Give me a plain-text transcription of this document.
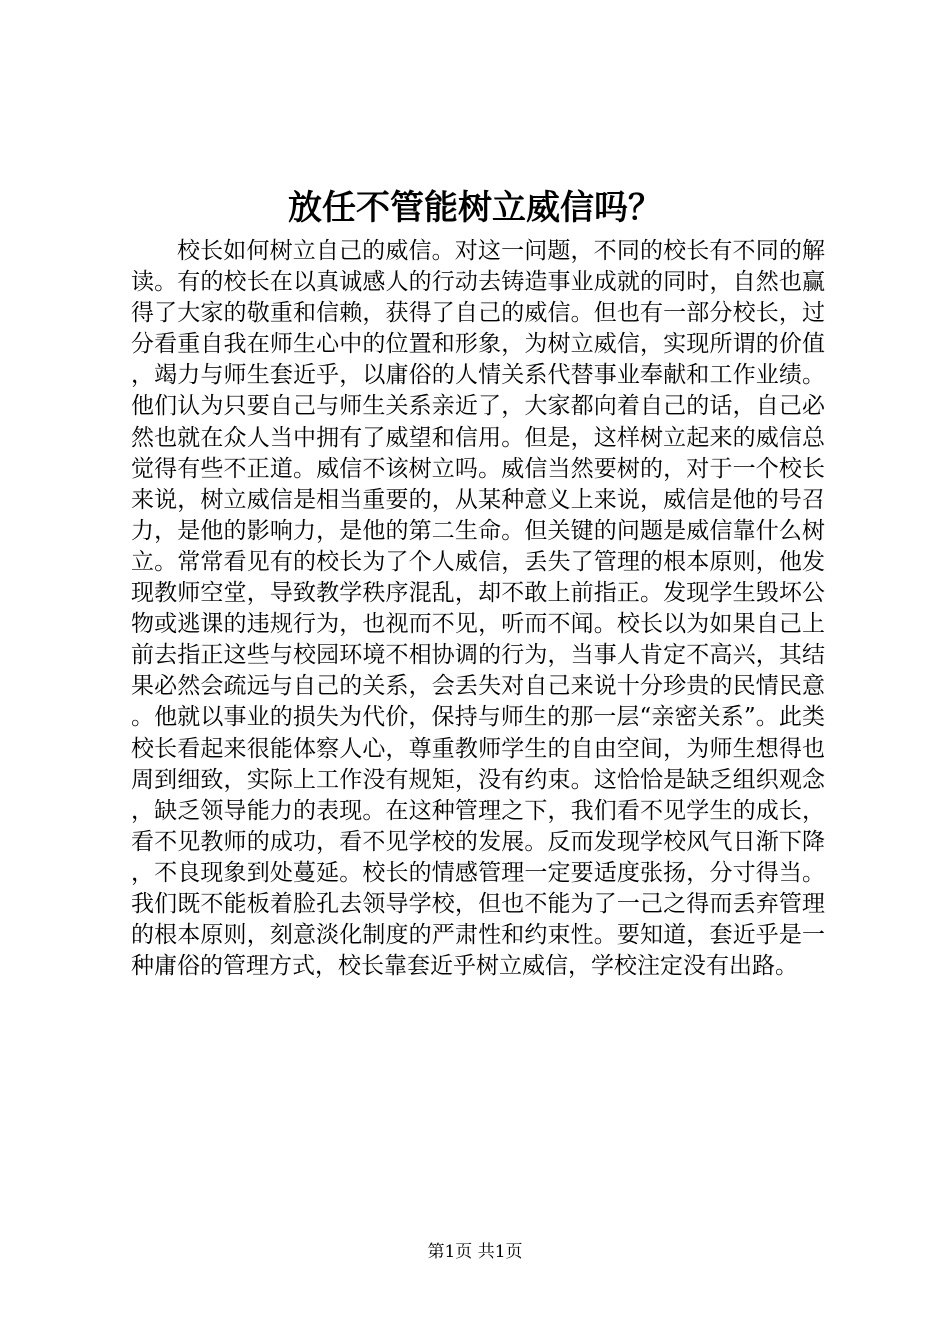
放任不管能树立威信吗？

校长如何树立自己的威信。对这一问题，不同的校长有不同的解读。有的校长在以真诚感人的行动去铸造事业成就的同时，自然也赢得了大家的敬重和信赖，获得了自己的威信。但也有一部分校长，过分看重自我在师生心中的位置和形象，为树立威信，实现所谓的价值，竭力与师生套近乎，以庸俗的人情关系代替事业奉献和工作业绩。他们认为只要自己与师生关系亲近了，大家都向着自己的话，自己必然也就在众人当中拥有了威望和信用。但是，这样树立起来的威信总觉得有些不正道。威信不该树立吗。威信当然要树的，对于一个校长来说，树立威信是相当重要的，从某种意义上来说，威信是他的号召力，是他的影响力，是他的第二生命。但关键的问题是威信靠什么树立。常常看见有的校长为了个人威信，丢失了管理的根本原则，他发现教师空堂，导致教学秩序混乱，却不敢上前指正。发现学生毁坏公物或逃课的违规行为，也视而不见，听而不闻。校长以为如果自己上前去指正这些与校园环境不相协调的行为，当事人肯定不高兴，其结果必然会疏远与自己的关系，会丢失对自己来说十分珍贵的民情民意。他就以事业的损失为代价，保持与师生的那一层“亲密关系”。此类校长看起来很能体察人心，尊重教师学生的自由空间，为师生想得也周到细致，实际上工作没有规矩，没有约束。这恰恰是缺乏组织观念，缺乏领导能力的表现。在这种管理之下，我们看不见学生的成长，看不见教师的成功，看不见学校的发展。反而发现学校风气日渐下降，不良现象到处蔓延。校长的情感管理一定要适度张扬，分寸得当。我们既不能板着脸孔去领导学校，但也不能为了一己之得而丢弃管理的根本原则，刻意淡化制度的严肃性和约束性。要知道，套近乎是一种庸俗的管理方式，校长靠套近乎树立威信，学校注定没有出路。

第1页 共1页
